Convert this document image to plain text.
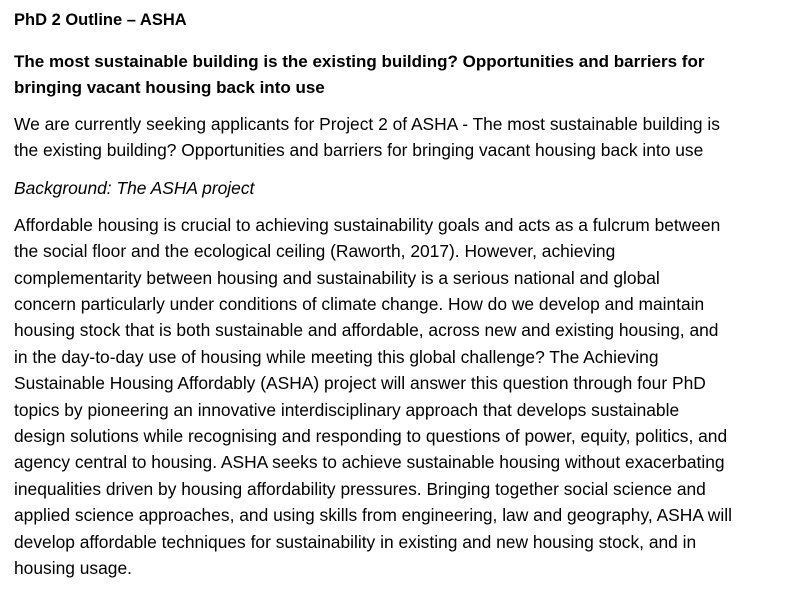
PhD 2 Outline – ASHA
The most sustainable building is the existing building? Opportunities and barriers for
bringing vacant housing back into use
We are currently seeking applicants for Project 2 of ASHA - The most sustainable building is
the existing building? Opportunities and barriers for bringing vacant housing back into use
Background: The ASHA project
Affordable housing is crucial to achieving sustainability goals and acts as a fulcrum between
the social floor and the ecological ceiling (Raworth, 2017). However, achieving
complementarity between housing and sustainability is a serious national and global
concern particularly under conditions of climate change. How do we develop and maintain
housing stock that is both sustainable and affordable, across new and existing housing, and
in the day-to-day use of housing while meeting this global challenge? The Achieving
Sustainable Housing Affordably (ASHA) project will answer this question through four PhD
topics by pioneering an innovative interdisciplinary approach that develops sustainable
design solutions while recognising and responding to questions of power, equity, politics, and
agency central to housing. ASHA seeks to achieve sustainable housing without exacerbating
inequalities driven by housing affordability pressures. Bringing together social science and
applied science approaches, and using skills from engineering, law and geography, ASHA will
develop affordable techniques for sustainability in existing and new housing stock, and in
housing usage.
